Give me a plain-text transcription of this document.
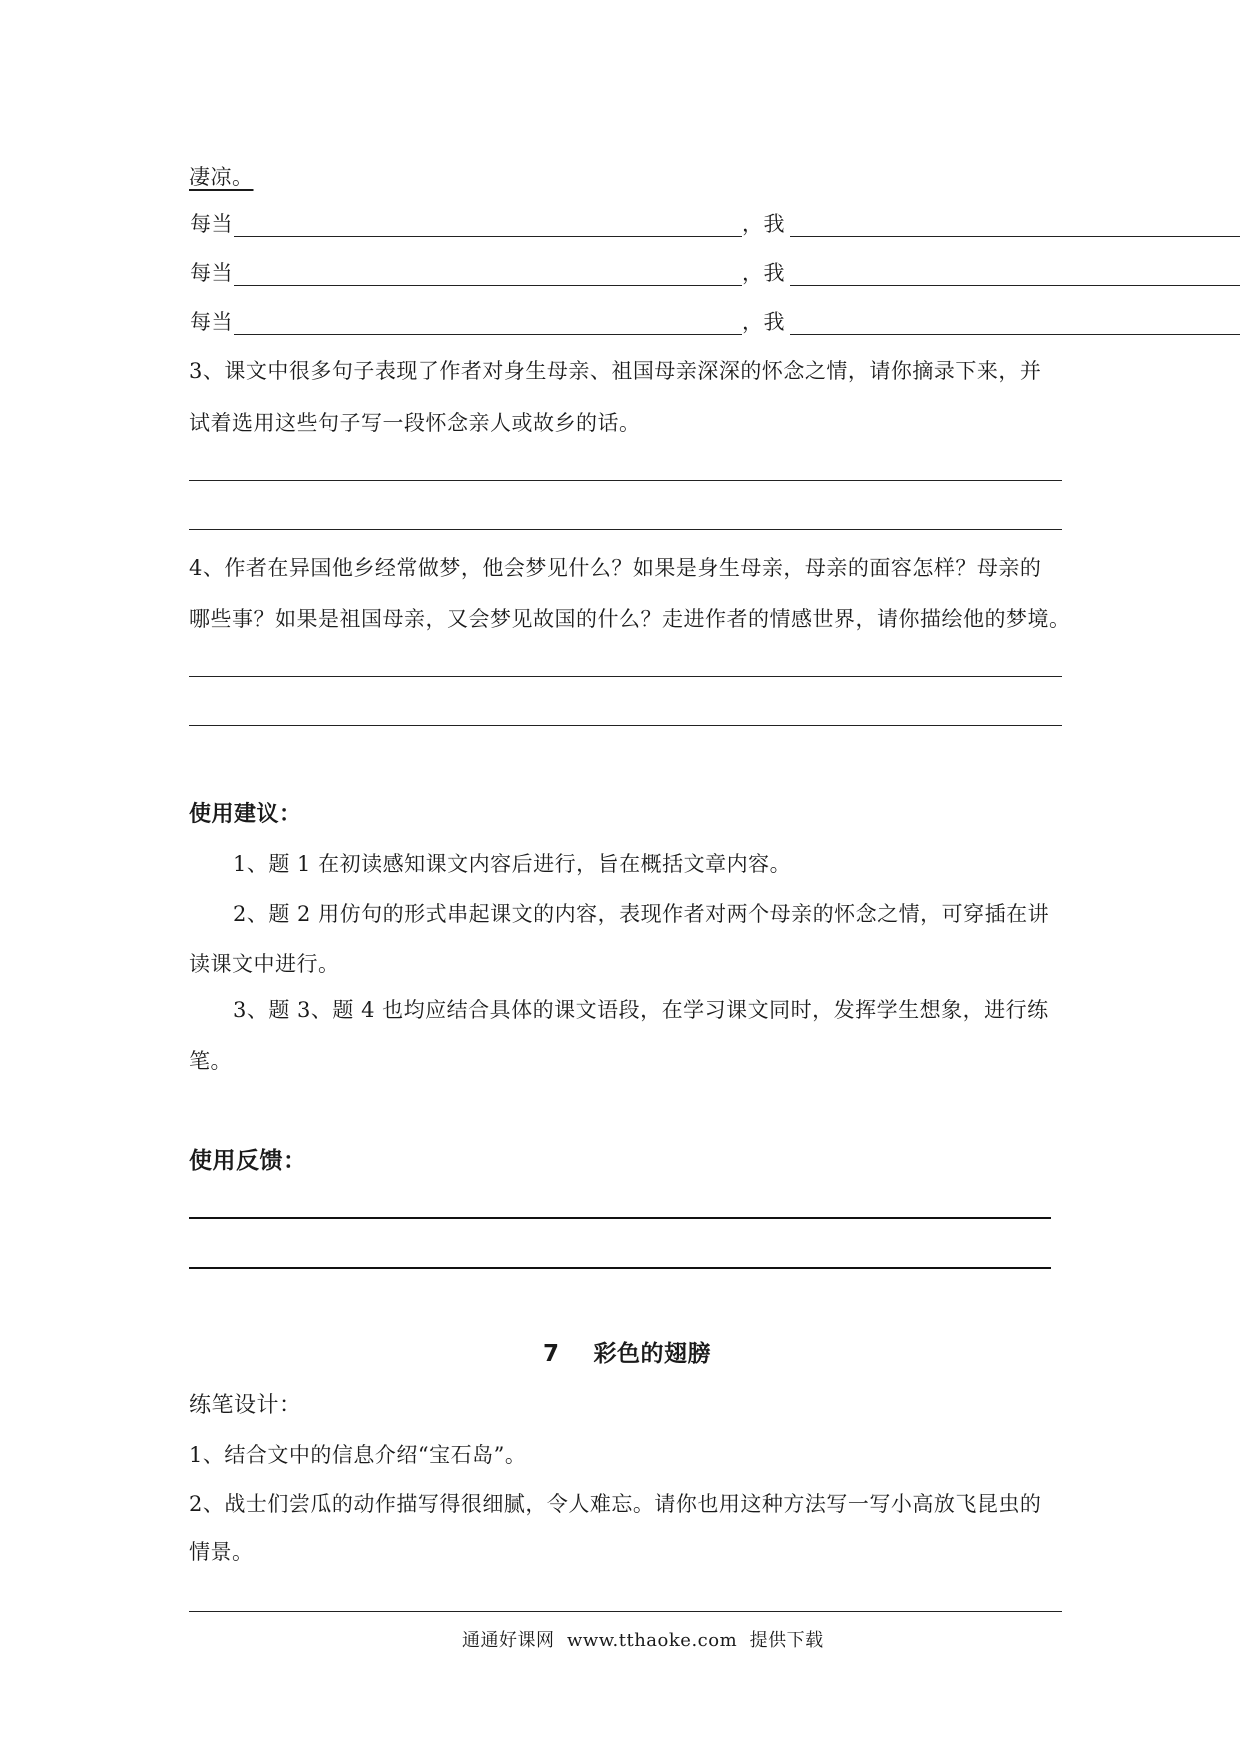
凄凉。
每当	，我
每当	，我
每当	，我
3、课文中很多句子表现了作者对身生母亲、祖国母亲深深的怀念之情，请你摘录下来，并
试着选用这些句子写一段怀念亲人或故乡的话。
4、作者在异国他乡经常做梦，他会梦见什么？如果是身生母亲，母亲的面容怎样？母亲的
哪些事？如果是祖国母亲，又会梦见故国的什么？走进作者的情感世界，请你描绘他的梦境。
使用建议：
1、题 1 在初读感知课文内容后进行，旨在概括文章内容。
2、题 2 用仿句的形式串起课文的内容，表现作者对两个母亲的怀念之情，可穿插在讲
读课文中进行。
3、题 3、题 4 也均应结合具体的课文语段，在学习课文同时，发挥学生想象，进行练
笔。
使用反馈：
7    彩色的翅膀
练笔设计：
1、结合文中的信息介绍“宝石岛”。
2、战士们尝瓜的动作描写得很细腻，令人难忘。请你也用这种方法写一写小高放飞昆虫的
情景。
通通好课网  www.tthaoke.com  提供下载
